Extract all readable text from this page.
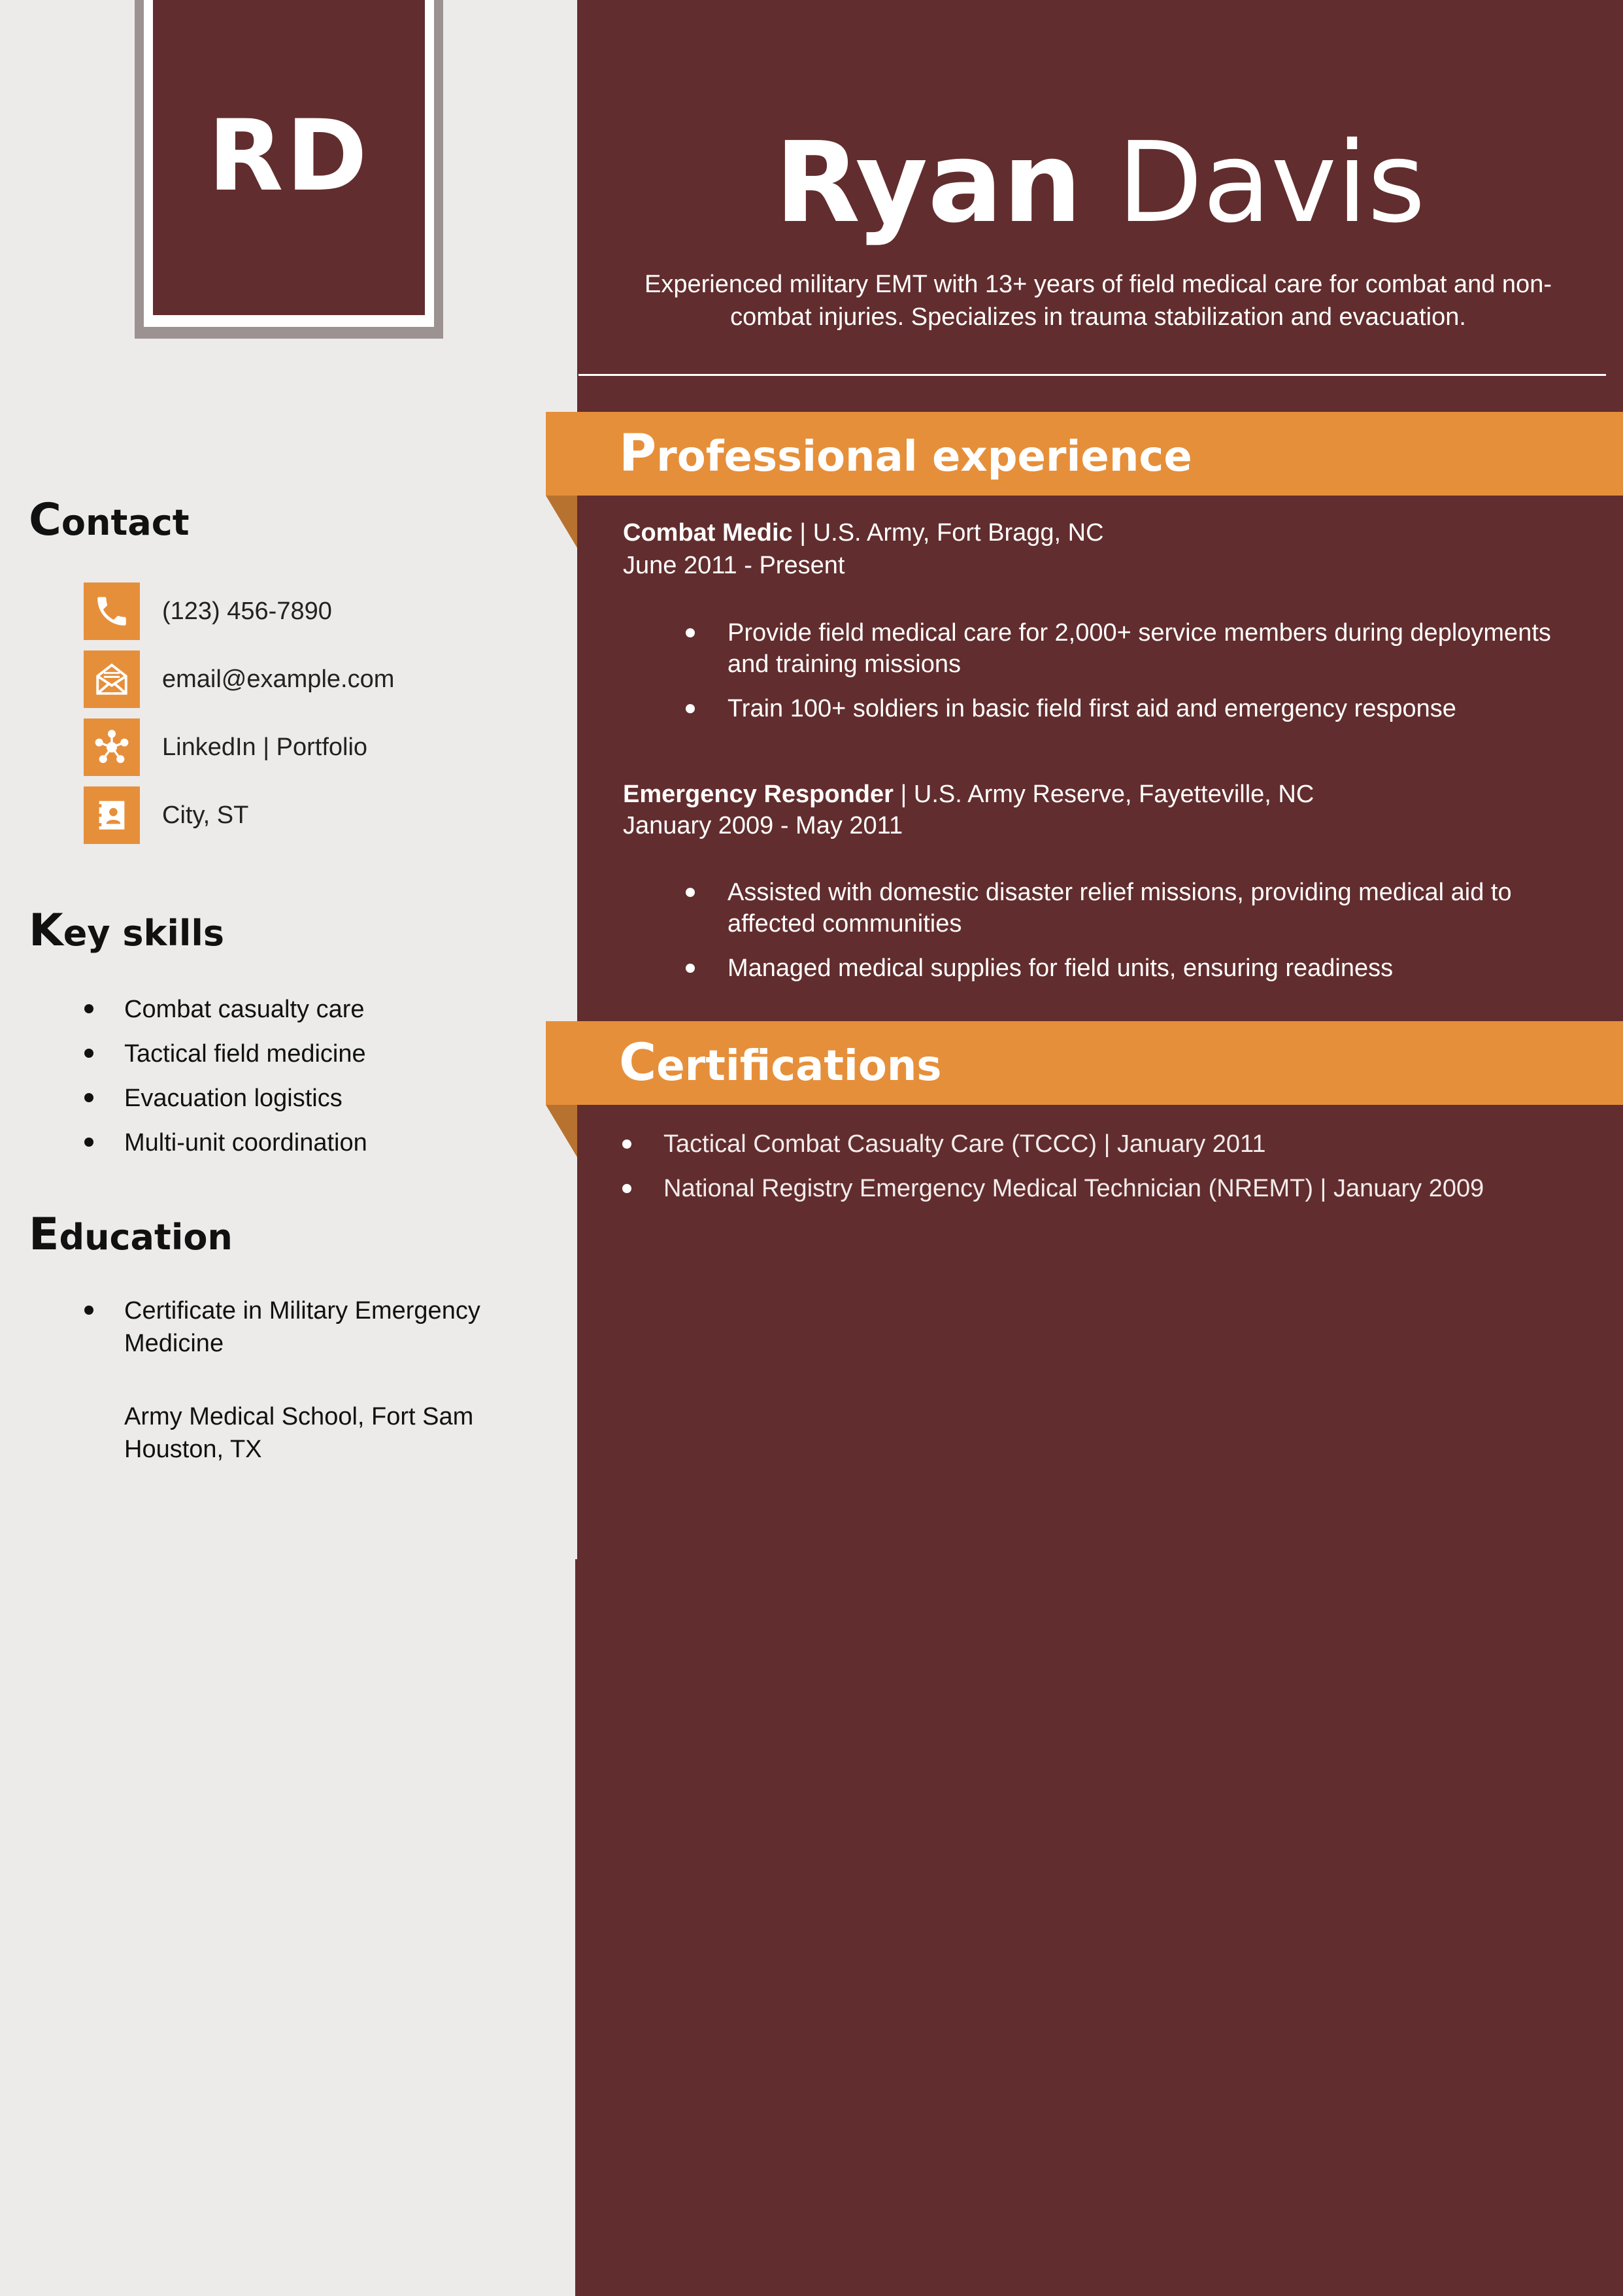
RD	Ryan Davis
Experienced military EMT with 13+ years of field medical care for combat and non-combat injuries. Specializes in trauma stabilization and evacuation.
Professional experience
Combat Medic | U.S. Army, Fort Bragg, NC
June 2011 - Present
Provide field medical care for 2,000+ service members during deployments and training missions
Train 100+ soldiers in basic field first aid and emergency response
Emergency Responder | U.S. Army Reserve, Fayetteville, NC
January 2009 - May 2011
Assisted with domestic disaster relief missions, providing medical aid to affected communities
Managed medical supplies for field units, ensuring readiness
Certifications
Tactical Combat Casualty Care (TCCC) | January 2011
National Registry Emergency Medical Technician (NREMT) | January 2009
Contact
(123) 456-7890
email@example.com
LinkedIn | Portfolio
City, ST
Key skills
Combat casualty care
Tactical field medicine
Evacuation logistics
Multi-unit coordination
Education
Certificate in Military Emergency Medicine
Army Medical School, Fort Sam Houston, TX
